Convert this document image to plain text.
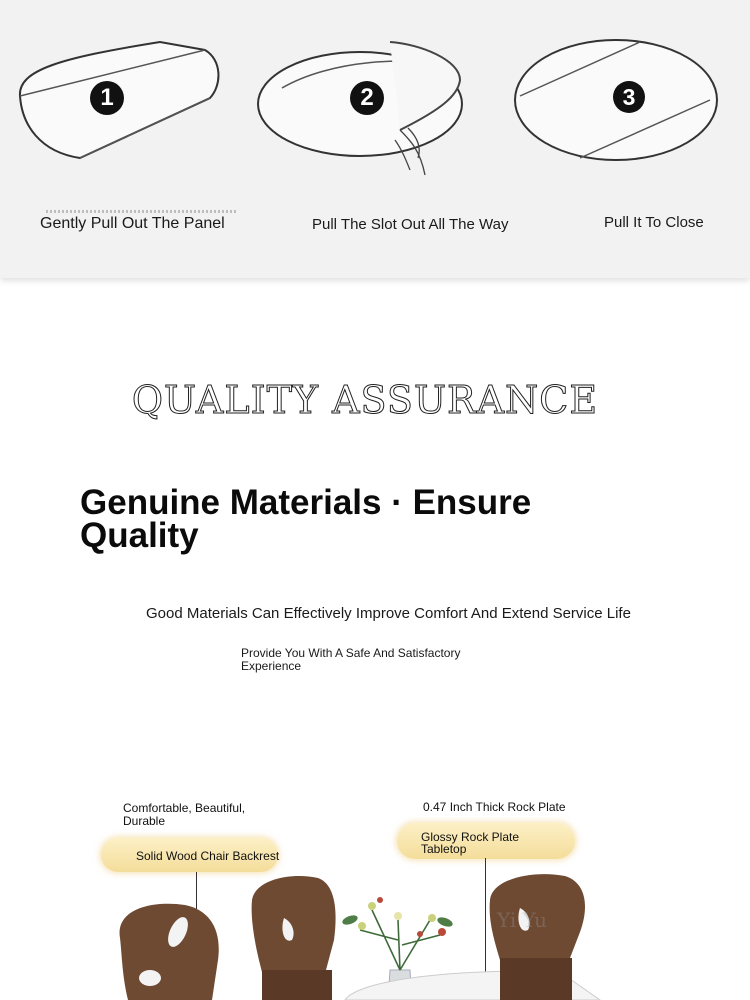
1
Gently Pull Out The Panel
2
Pull The Slot Out All The Way
3
Pull It To Close
QUALITY ASSURANCE
Genuine Materials · Ensure Quality
Good Materials Can Effectively Improve Comfort And Extend Service Life
Provide You With A Safe And Satisfactory Experience
Comfortable, Beautiful, Durable
Solid Wood Chair Backrest
0.47 Inch Thick Rock Plate
Glossy Rock Plate Tabletop
Yi Yu
